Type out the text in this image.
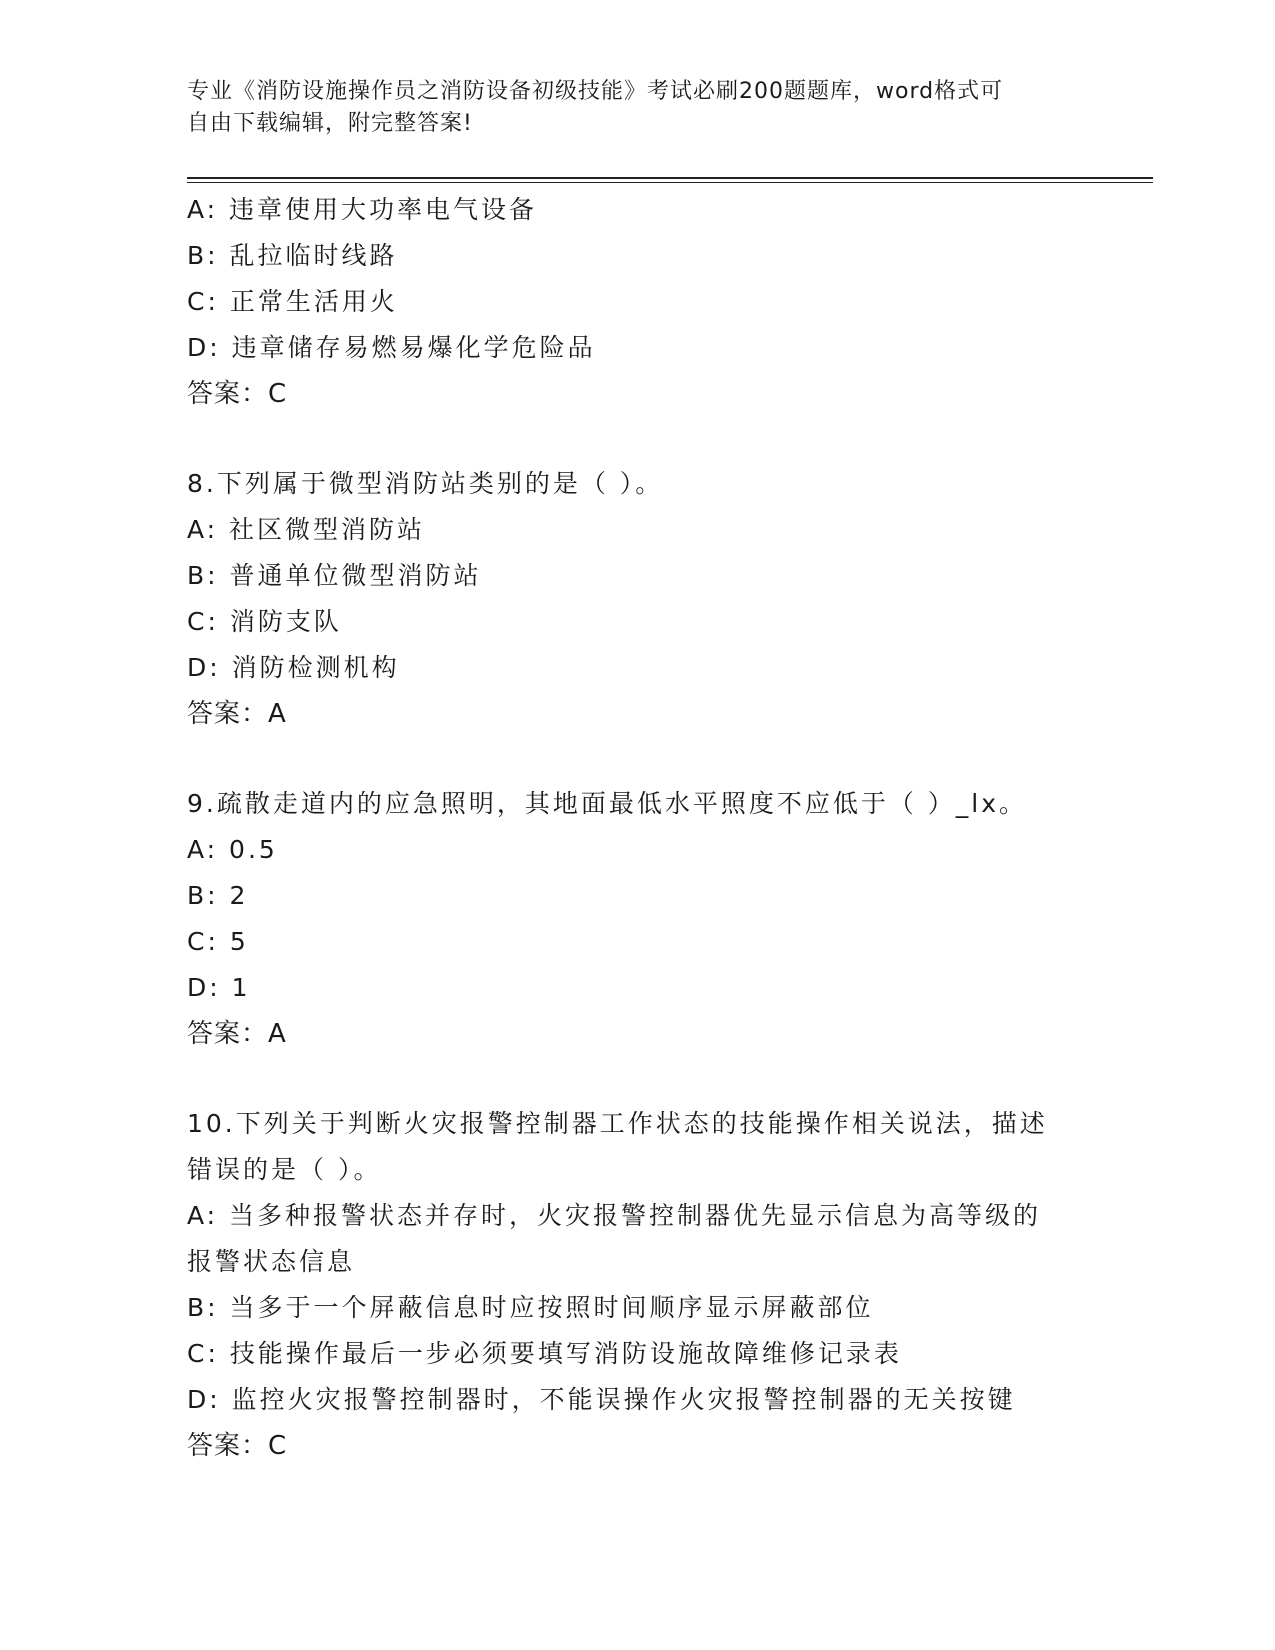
专业《消防设施操作员之消防设备初级技能》考试必刷200题题库，word格式可
自由下载编辑，附完整答案!
A: 违章使用大功率电气设备
B: 乱拉临时线路
C: 正常生活用火
D: 违章储存易燃易爆化学危险品
答案：C
8.下列属于微型消防站类别的是（ ）。
A: 社区微型消防站
B: 普通单位微型消防站
C: 消防支队
D: 消防检测机构
答案：A
9.疏散走道内的应急照明，其地面最低水平照度不应低于（ ）_lx。
A: 0.5
B: 2
C: 5
D: 1
答案：A
10.下列关于判断火灾报警控制器工作状态的技能操作相关说法，描述
错误的是（ ）。
A: 当多种报警状态并存时，火灾报警控制器优先显示信息为高等级的
报警状态信息
B: 当多于一个屏蔽信息时应按照时间顺序显示屏蔽部位
C: 技能操作最后一步必须要填写消防设施故障维修记录表
D: 监控火灾报警控制器时，不能误操作火灾报警控制器的无关按键
答案：C
